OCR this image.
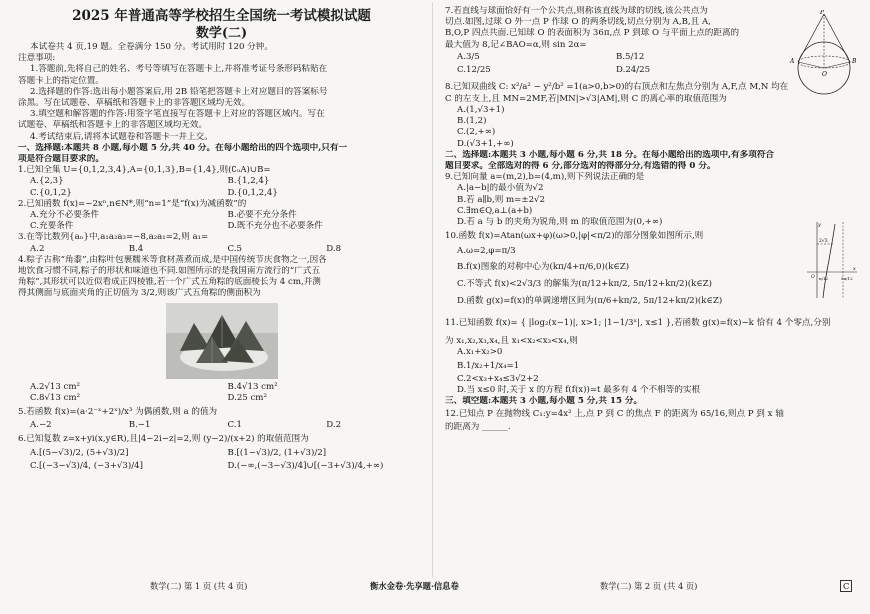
2025 年普通高等学校招生全国统一考试模拟试题
数学(二)
本试卷共 4 页,19 题。全卷满分 150 分。考试用时 120 分钟。
注意事项:
1.答题前,先将自己的姓名、考号等填写在答题卡上,并将准考证号条形码粘贴在
答题卡上的指定位置。
2.选择题的作答:选出每小题答案后,用 2B 铅笔把答题卡上对应题目的答案标号
涂黑。写在试题卷、草稿纸和答题卡上的非答题区域均无效。
3.填空题和解答题的作答:用签字笔直接写在答题卡上对应的答题区域内。写在
试题卷、草稿纸和答题卡上的非答题区域均无效。
4.考试结束后,请将本试题卷和答题卡一并上交。
一、选择题:本题共 8 小题,每小题 5 分,共 40 分。在每小题给出的四个选项中,只有一
项是符合题目要求的。
1.已知全集 U={0,1,2,3,4},A={0,1,3},B={1,4},则(∁ᵤA)∪B=
A.{2,3}	B.{1,2,4}
C.{0,1,2}	D.{0,1,2,4}
2.已知函数 f(x)=−2xⁿ,n∈N*,则“n=1”是“f(x)为减函数”的
A.充分不必要条件	B.必要不充分条件
C.充要条件	D.既不充分也不必要条件
3.在等比数列{aₙ}中,a₁a₂a₃=−8,a₂a₁=2,则 a₁=
A.2	B.4	C.5	D.8
4.粽子古称“角黍”,由粽叶包裹糯米等食材蒸煮而成,是中国传统节庆食物之一,因各
地饮食习惯不同,粽子的形状和味道也不同.如图所示的是我国南方流行的“广式五
角粽”,其形状可以近似看成正四棱锥,若一个广式五角粽的底面棱长为 4 cm,并测
得其侧面与底面夹角的正切值为 3/2,则该广式五角粽的侧面积为
A.2√13 cm²	B.4√13 cm²
C.8√13 cm²	D.25 cm²
5.若函数 f(x)=(a·2⁻ˣ+2ˣ)/x³ 为偶函数,则 a 的值为
A.−2	B.−1	C.1	D.2
6.已知复数 z=x+yi(x,y∈R),且|4−2i−z|=2,则 (y−2)/(x+2) 的取值范围为
A.[(5−√3)/2, (5+√3)/2]	B.[(1−√3)/2, (1+√3)/2]
C.[(−3−√3)/4, (−3+√3)/4]	D.(−∞,(−3−√3)/4]∪[(−3+√3)/4,+∞)
数学(二) 第 1 页 (共 4 页)	衡水金卷·先享题·信息卷
7.若直线与球面恰好有一个公共点,则称该直线为球的切线,该公共点为
切点.如图,过球 O 外一点 P 作球 O 的两条切线,切点分别为 A,B,且 A,
B,O,P 四点共面.已知球 O 的表面积为 36π,点 P 到球 O 与平面上点的距离的
最大值为 8,记∠BAO=α,则 sin 2α=
A.3/5	B.5/12
C.12/25	D.24/25
P
A	B
O
8.已知双曲线 C: x²/a² − y²/b² =1(a>0,b>0)的右顶点和左焦点分别为 A,F,点 M,N 均在
C 的左支上,且 MN=2MF,若|MN|>√3|AM|,则 C 的离心率的取值范围为
A.(1,√3+1)
B.(1,2)
C.(2,+∞)
D.(√3+1,+∞)
二、选择题:本题共 3 小题,每小题 6 分,共 18 分。在每小题给出的选项中,有多项符合
题目要求。全部选对的得 6 分,部分选对的得部分分,有选错的得 0 分。
9.已知向量 a=(m,2),b=(4,m),则下列说法正确的是
A.|a−b|的最小值为√2
B.若 a∥b,则 m=±2√2
C.∃m∈Q,a⊥(a+b)
D.若 a 与 b 的夹角为锐角,则 m 的取值范围为(0,+∞)
10.函数 f(x)=Atan(ωx+φ)(ω>0,|φ|<π/2)的部分图象如图所示,则
A.ω=2,φ=π/3
B.f(x)图象的对称中心为(kπ/4+π/6,0)(k∈Z)
C.不等式 f(x)<2√3/3 的解集为(π/12+kπ/2, 5π/12+kπ/2)(k∈Z)
D.函数 g(x)=f(x)的单调递增区间为(π/6+kπ/2, 5π/12+kπ/2)(k∈Z)
y
2√3
O
x
π/12	5π/12
11.已知函数 f(x)= { |log₂(x−1)|, x>1; |1−1/3ˣ|, x≤1 },若函数 g(x)=f(x)−k 恰有 4 个零点,分别
为 x₁,x₂,x₃,x₄,且 x₁<x₂<x₃<x₄,则
A.x₁+x₂>0
B.1/x₂+1/x₄=1
C.2<x₃+x₄≤3√2+2
D.当 x≤0 时,关于 x 的方程 f(f(x))=t 最多有 4 个不相等的实根
三、填空题:本题共 3 小题,每小题 5 分,共 15 分。
12.已知点 P 在抛物线 C₁:y=4x² 上,点 P 到 C 的焦点 F 的距离为 65/16,则点 P 到 x 轴
的距离为 ______.
数学(二) 第 2 页 (共 4 页)	C
